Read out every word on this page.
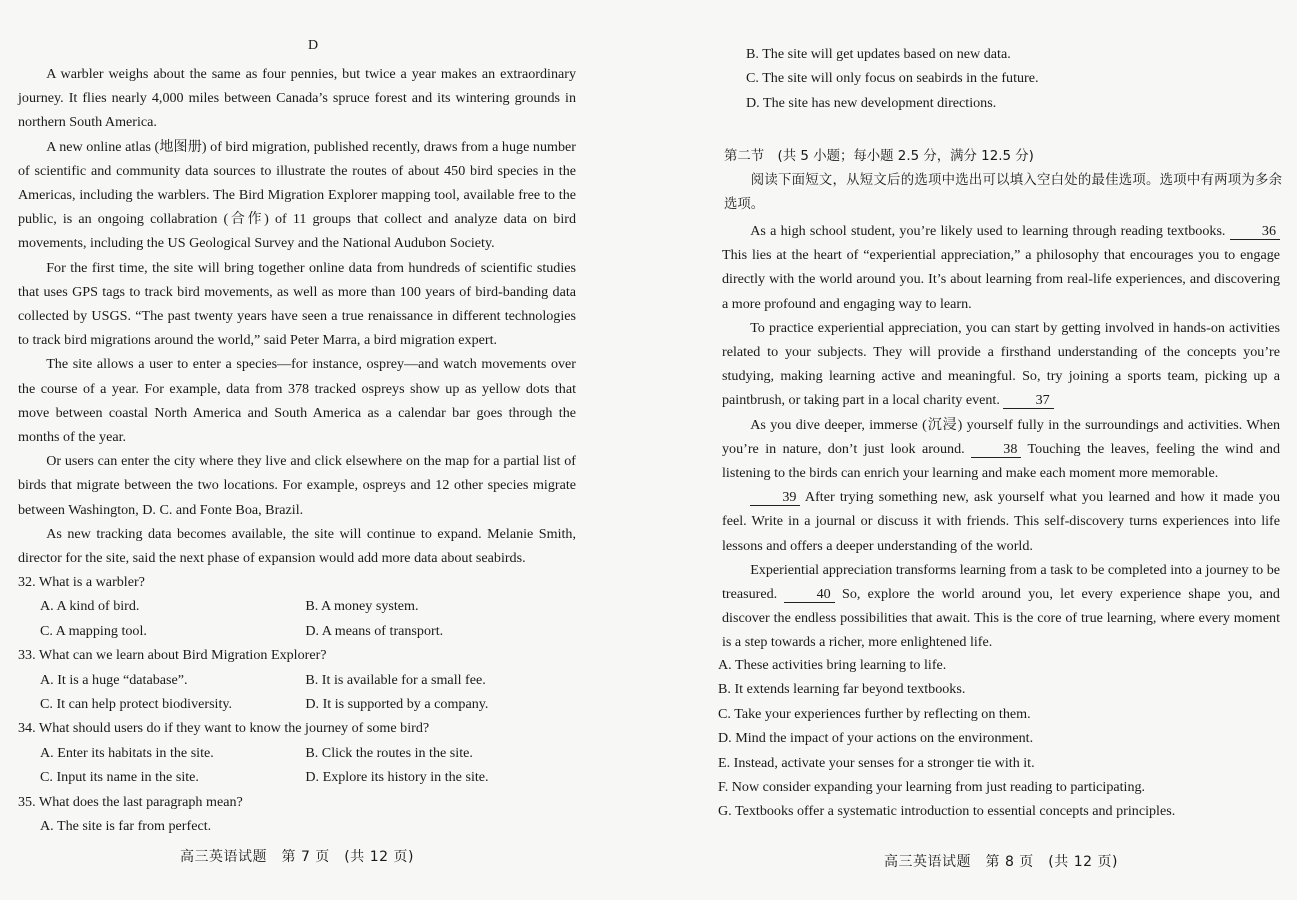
D

A warbler weighs about the same as four pennies, but twice a year makes an extraordinary journey. It flies nearly 4,000 miles between Canada’s spruce forest and its wintering grounds in northern South America.

A new online atlas (地图册) of bird migration, published recently, draws from a huge number of scientific and community data sources to illustrate the routes of about 450 bird species in the Americas, including the warblers. The Bird Migration Explorer mapping tool, available free to the public, is an ongoing collabration (合作) of 11 groups that collect and analyze data on bird movements, including the US Geological Survey and the National Audubon Society.

For the first time, the site will bring together online data from hundreds of scientific studies that uses GPS tags to track bird movements, as well as more than 100 years of bird-banding data collected by USGS. “The past twenty years have seen a true renaissance in different technologies to track bird migrations around the world,” said Peter Marra, a bird migration expert.

The site allows a user to enter a species—for instance, osprey—and watch movements over the course of a year. For example, data from 378 tracked ospreys show up as yellow dots that move between coastal North America and South America as a calendar bar goes through the months of the year.

Or users can enter the city where they live and click elsewhere on the map for a partial list of birds that migrate between the two locations. For example, ospreys and 12 other species migrate between Washington, D. C. and Fonte Boa, Brazil.

As new tracking data becomes available, the site will continue to expand. Melanie Smith, director for the site, said the next phase of expansion would add more data about seabirds.

32. What is a warbler?
A. A kind of bird.	B. A money system.
C. A mapping tool.	D. A means of transport.
33. What can we learn about Bird Migration Explorer?
A. It is a huge “database”.	B. It is available for a small fee.
C. It can help protect biodiversity.	D. It is supported by a company.
34. What should users do if they want to know the journey of some bird?
A. Enter its habitats in the site.	B. Click the routes in the site.
C. Input its name in the site.	D. Explore its history in the site.
35. What does the last paragraph mean?
A. The site is far from perfect.
高三英语试题　第 7 页　(共 12 页)
B. The site will get updates based on new data.
C. The site will only focus on seabirds in the future.
D. The site has new development directions.
第二节　(共 5 小题；每小题 2.5 分，满分 12.5 分)

阅读下面短文，从短文后的选项中选出可以填入空白处的最佳选项。选项中有两项为多余选项。

As a high school student, you’re likely used to learning through reading textbooks. 36 This lies at the heart of “experiential appreciation,” a philosophy that encourages you to engage directly with the world around you. It’s about learning from real-life experiences, and discovering a more profound and engaging way to learn.

To practice experiential appreciation, you can start by getting involved in hands-on activities related to your subjects. They will provide a firsthand understanding of the concepts you’re studying, making learning active and meaningful. So, try joining a sports team, picking up a paintbrush, or taking part in a local charity event. 37

As you dive deeper, immerse (沉浸) yourself fully in the surroundings and activities. When you’re in nature, don’t just look around. 38 Touching the leaves, feeling the wind and listening to the birds can enrich your learning and make each moment more memorable.

39 After trying something new, ask yourself what you learned and how it made you feel. Write in a journal or discuss it with friends. This self-discovery turns experiences into life lessons and offers a deeper understanding of the world.

Experiential appreciation transforms learning from a task to be completed into a journey to be treasured. 40 So, explore the world around you, let every experience shape you, and discover the endless possibilities that await. This is the core of true learning, where every moment is a step towards a richer, more enlightened life.

A. These activities bring learning to life.
B. It extends learning far beyond textbooks.
C. Take your experiences further by reflecting on them.
D. Mind the impact of your actions on the environment.
E. Instead, activate your senses for a stronger tie with it.
F. Now consider expanding your learning from just reading to participating.
G. Textbooks offer a systematic introduction to essential concepts and principles.
高三英语试题　第 8 页　(共 12 页)
